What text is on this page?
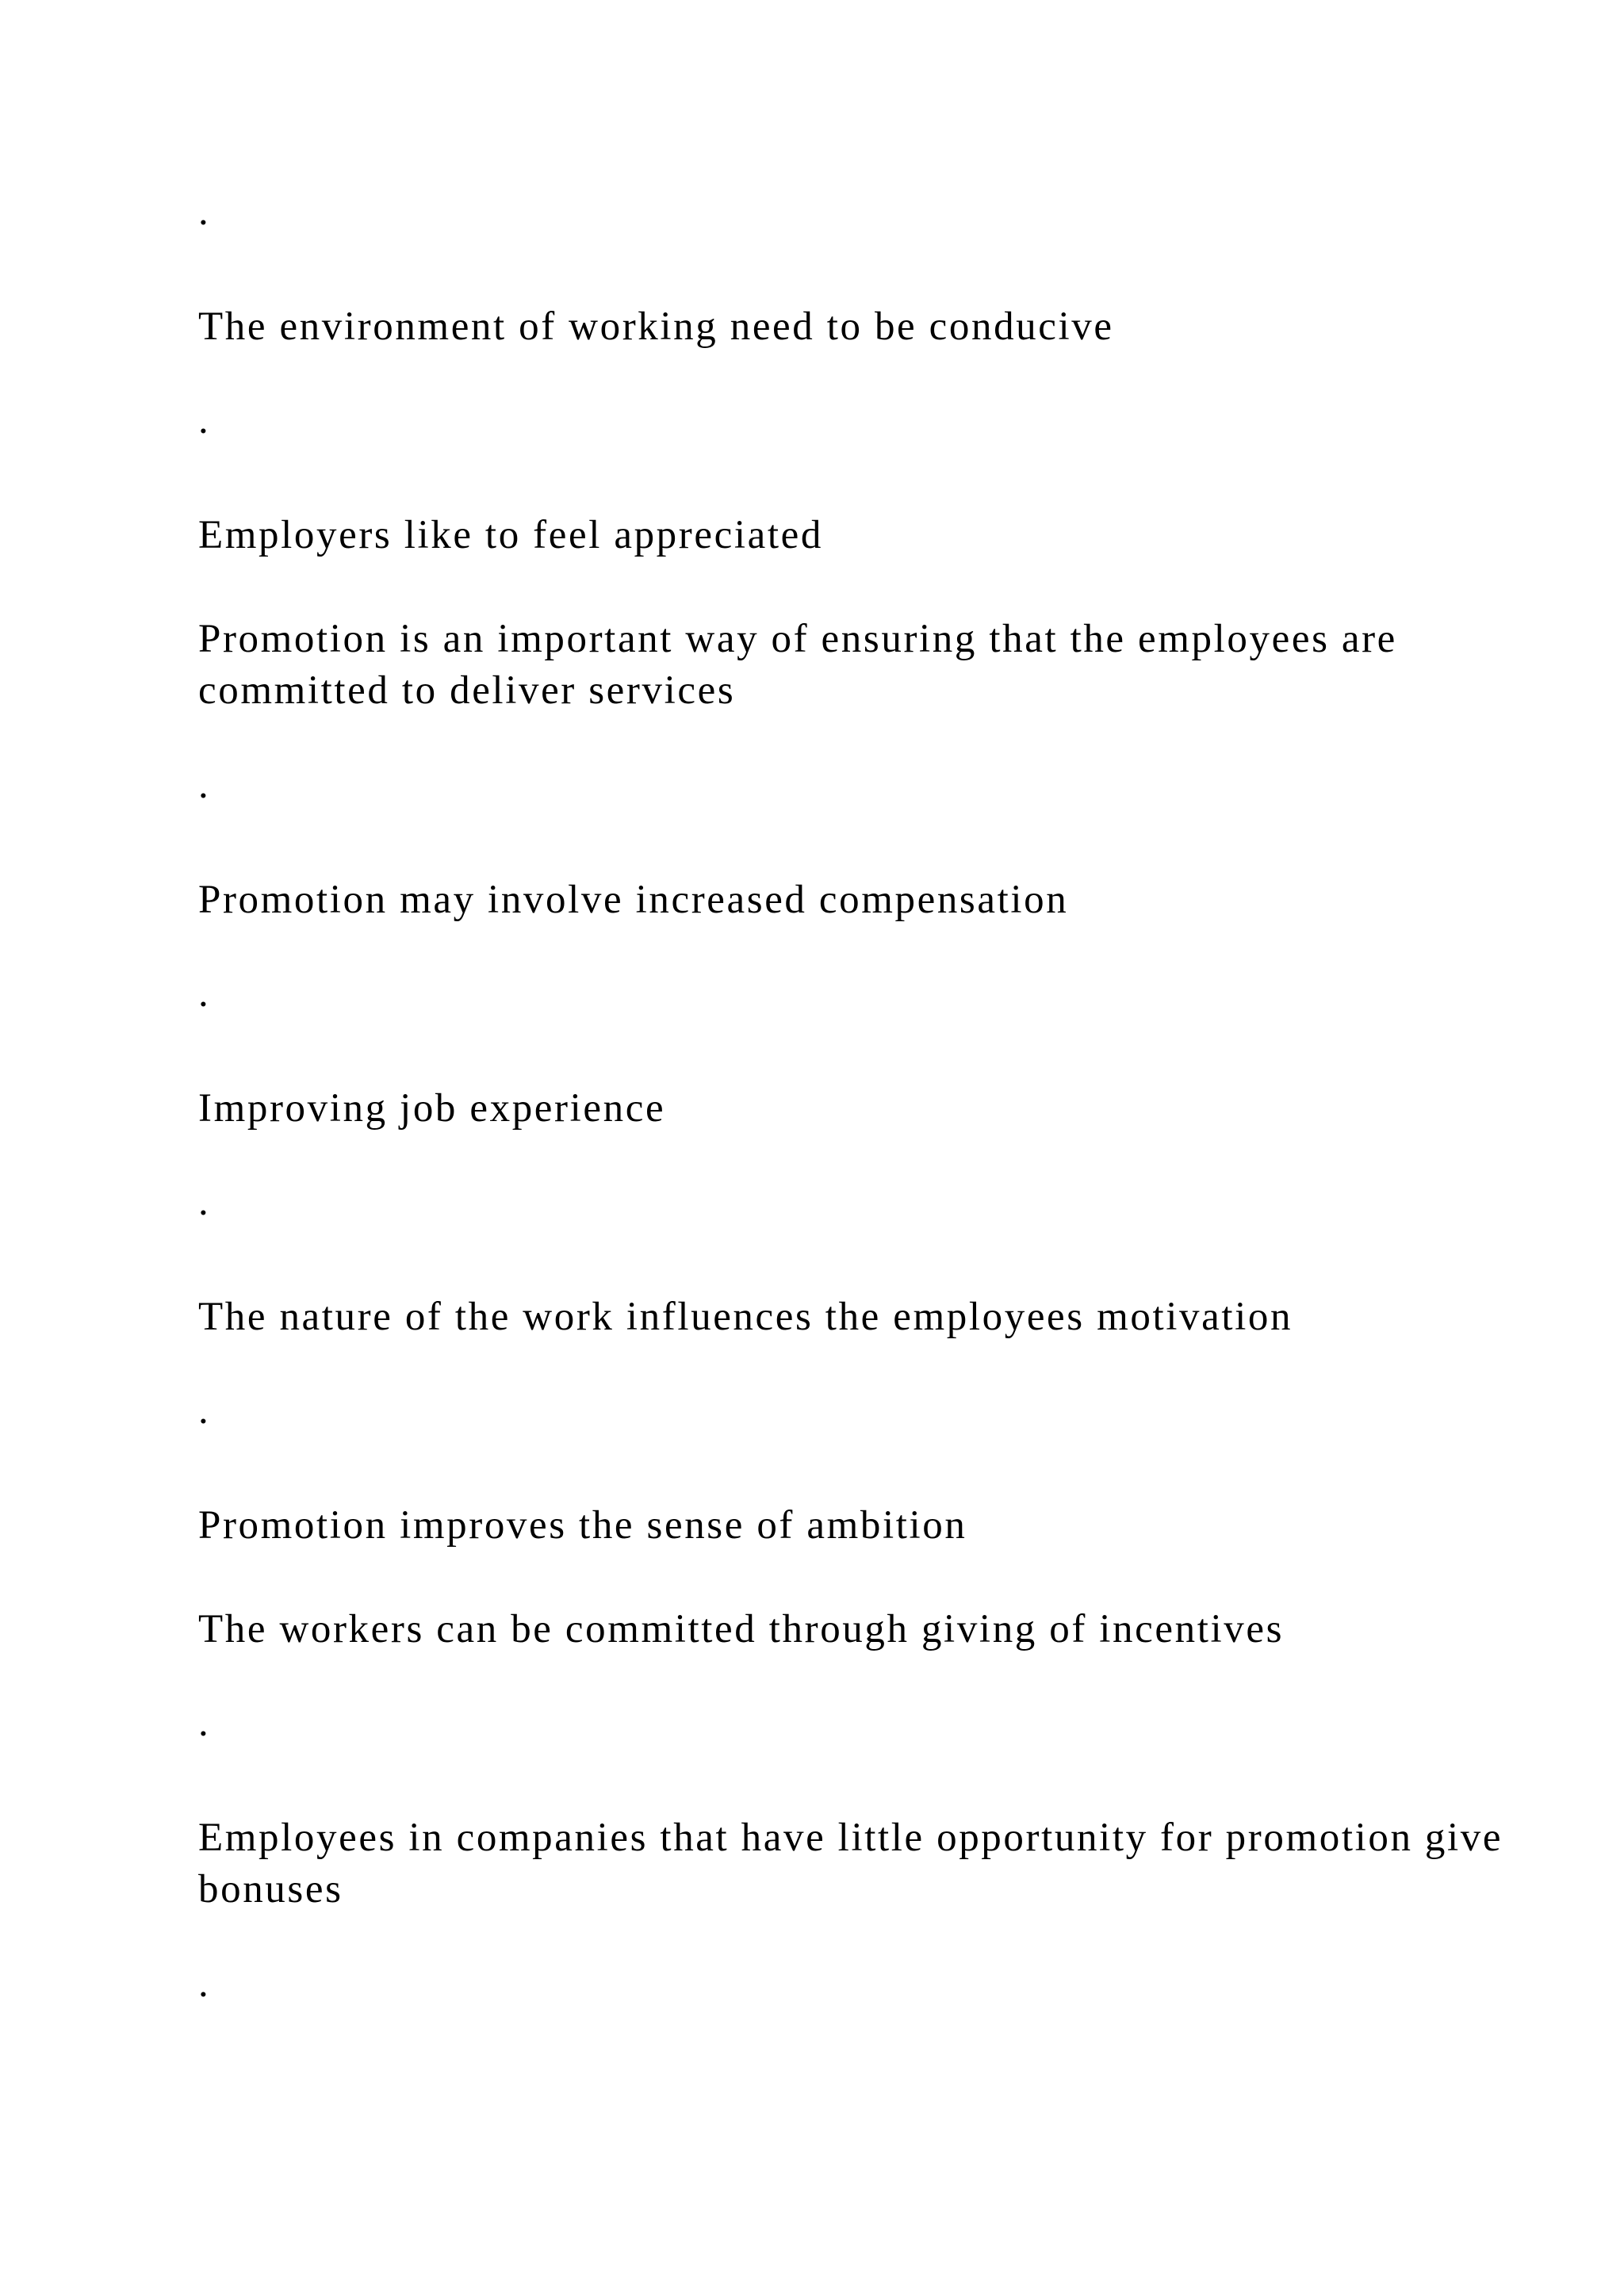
.

The environment of working need to be conducive

.

Employers like to feel appreciated

Promotion is an important way of ensuring that the employees are committed to deliver services

.

Promotion may involve increased compensation

.

Improving job experience

.

The nature of the work influences the employees motivation

.

Promotion improves the sense of ambition

The workers can be committed through giving of incentives

.

Employees in companies that have little opportunity for promotion give bonuses

.
